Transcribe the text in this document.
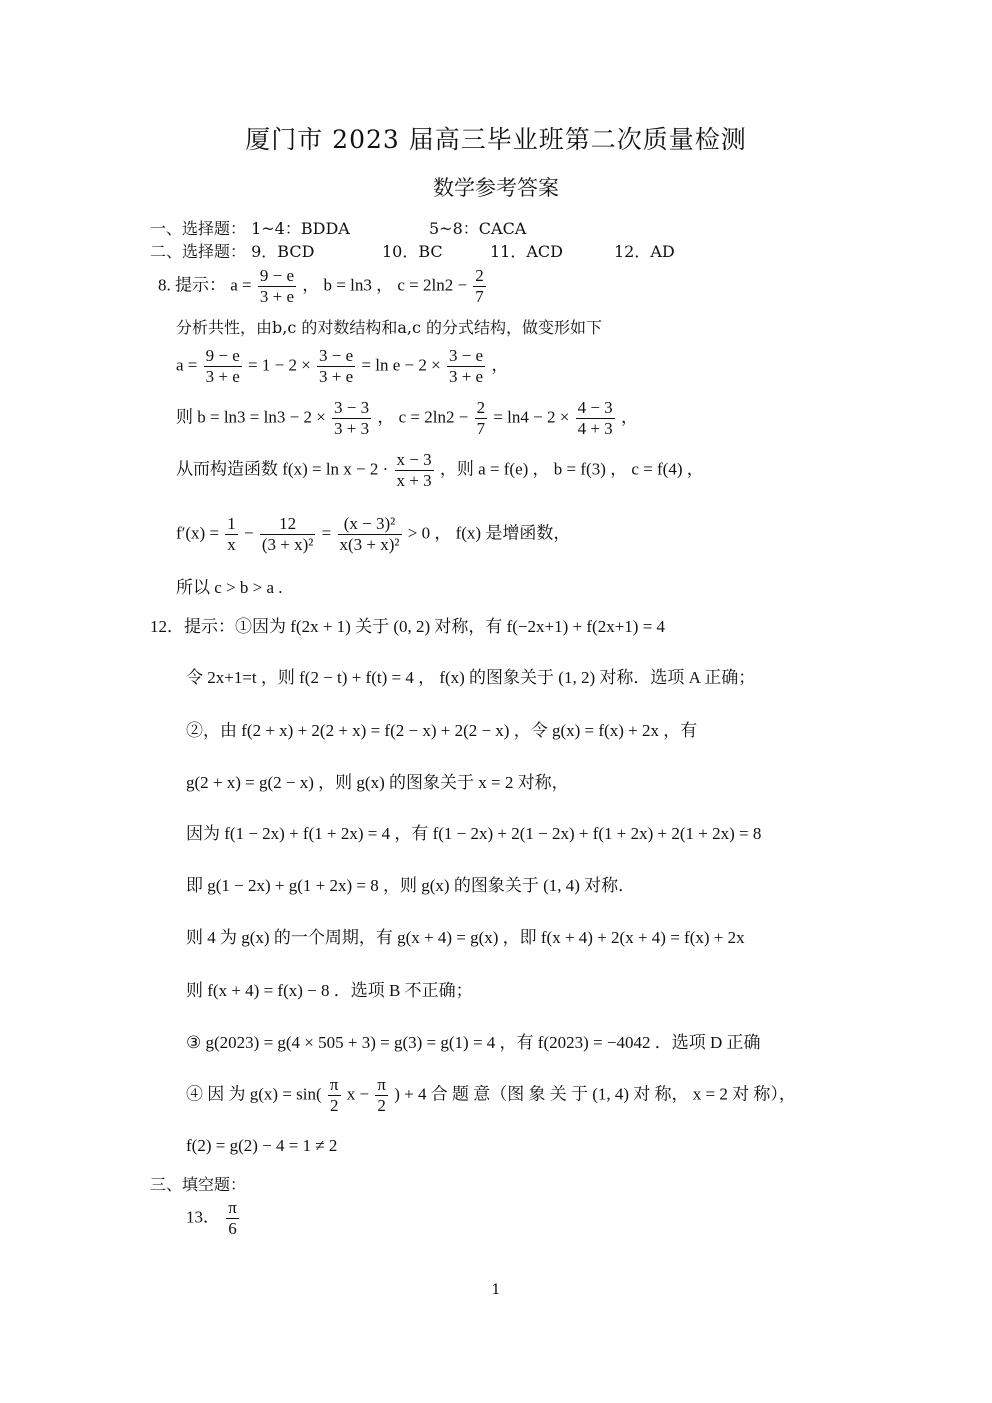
厦门市 2023 届高三毕业班第二次质量检测
数学参考答案
一、选择题： 1~4：BDDA	5~8：CACA
二、选择题： 9．BCD	10．BC	11．ACD	12．AD
8. 提示： $a = \frac{9 - e}{3 + e}$ ， b = ln3 ， $c = 2\ln 2 - \frac{2}{7}$
分析共性，由b,c 的对数结构和a,c 的分式结构，做变形如下
$a = \frac{9 - e}{3 + e} = 1 - 2 \times \frac{3 - e}{3 + e} = \ln e - 2 \times \frac{3 - e}{3 + e}$ ，
则 $b = \ln 3 = \ln 3 - 2 \times \frac{3 - 3}{3 + 3}$ ， $c = 2\ln 2 - \frac{2}{7} = \ln 4 - 2 \times \frac{4 - 3}{4 + 3}$ ，
从而构造函数 $f(x) = \ln x - 2 \cdot \frac{x - 3}{x + 3}$ ，则 a = f(e) ， b = f(3) ， c = f(4) ，
$f'(x) = \frac{1}{x} - \frac{12}{\text{(3 + x)²}} = \frac{\text{(x − 3)²}}{\text{x(3 + x)²}} > 0$ ， f(x) 是增函数，
所以 c > b > a .
12．提示：①因为 f(2x + 1) 关于 (0, 2) 对称，有 f(−2x+1) + f(2x+1) = 4
令 2x+1=t ，则 f(2 − t) + f(t) = 4 ， f(x) 的图象关于 (1, 2) 对称．选项 A 正确；
②，由 f(2 + x) + 2(2 + x) = f(2 − x) + 2(2 − x) ，令 g(x) = f(x) + 2x ，有
g(2 + x) = g(2 − x) ，则 g(x) 的图象关于 x = 2 对称，
因为 f(1 − 2x) + f(1 + 2x) = 4 ，有 f(1 − 2x) + 2(1 − 2x) + f(1 + 2x) + 2(1 + 2x) = 8
即 g(1 − 2x) + g(1 + 2x) = 8 ，则 g(x) 的图象关于 (1, 4) 对称．
则 4 为 g(x) 的一个周期，有 g(x + 4) = g(x) ，即 f(x + 4) + 2(x + 4) = f(x) + 2x
则 f(x + 4) = f(x) − 8 ．选项 B 不正确；
③ g(2023) = g(4 × 505 + 3) = g(3) = g(1) = 4 ，有 f(2023) = −4042 ．选项 D 正确
④ 因 为 $g(x) = \sin( \frac{\pi}{2}$ $x - \frac{\pi}{2}$ ) + 4 合 题 意（图 象 关 于 (1, 4) 对 称， x = 2 对 称），
f(2) = g(2) − 4 = 1 ≠ 2
三、填空题：
13． $\frac{\pi}{6}$
1
